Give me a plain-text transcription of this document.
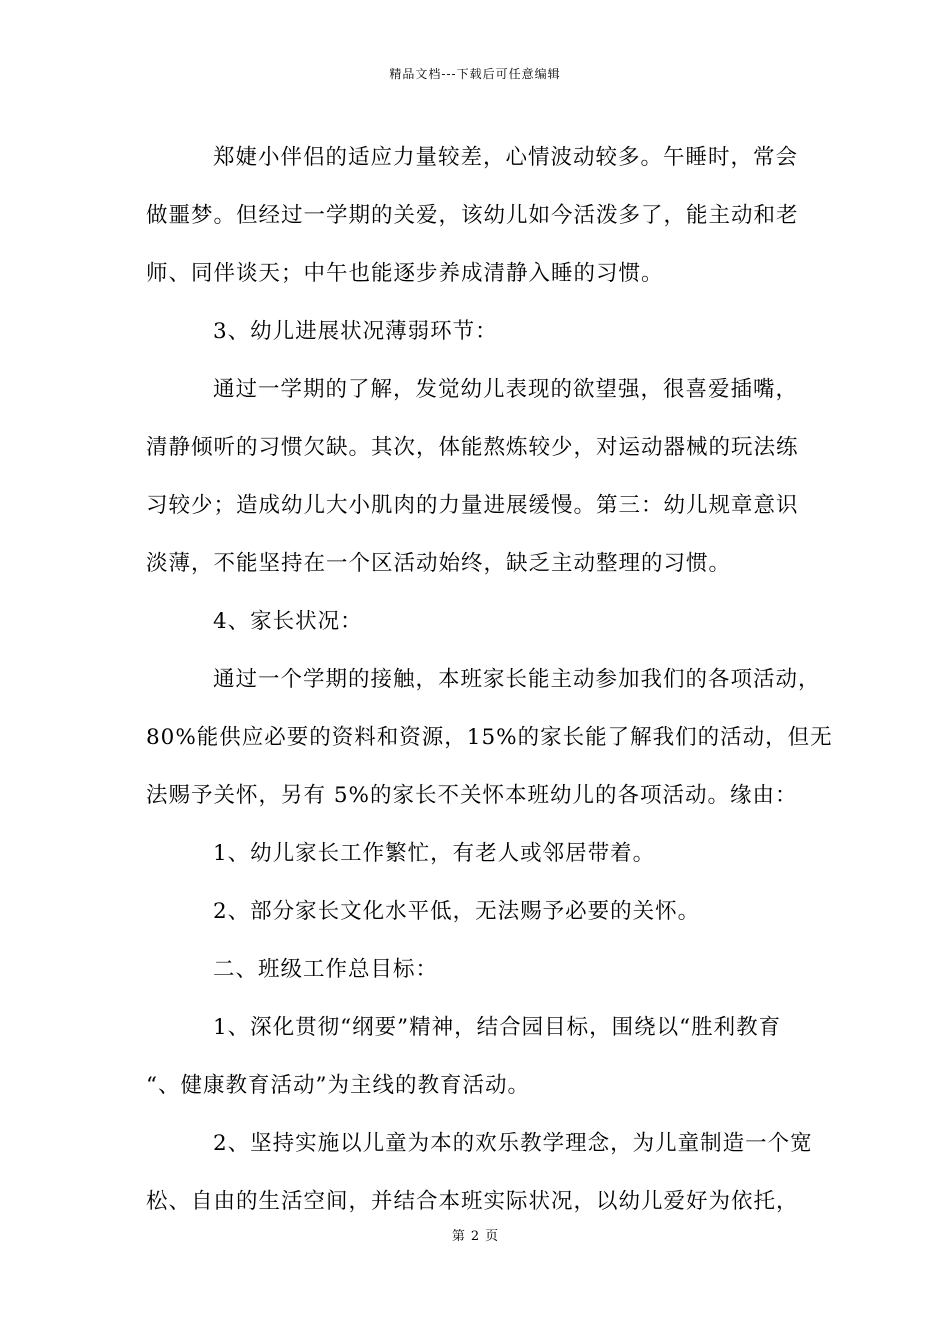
精品文档---下载后可任意编辑
郑婕小伴侣的适应力量较差，心情波动较多。午睡时，常会
做噩梦。但经过一学期的关爱，该幼儿如今活泼多了，能主动和老
师、同伴谈天；中午也能逐步养成清静入睡的习惯。
3、幼儿进展状况薄弱环节：
通过一学期的了解，发觉幼儿表现的欲望强，很喜爱插嘴，
清静倾听的习惯欠缺。其次，体能熬炼较少，对运动器械的玩法练
习较少；造成幼儿大小肌肉的力量进展缓慢。第三：幼儿规章意识
淡薄，不能坚持在一个区活动始终，缺乏主动整理的习惯。
4、家长状况：
通过一个学期的接触，本班家长能主动参加我们的各项活动，
80%能供应必要的资料和资源，15%的家长能了解我们的活动，但无
法赐予关怀，另有 5%的家长不关怀本班幼儿的各项活动。缘由：
1、幼儿家长工作繁忙，有老人或邻居带着。
2、部分家长文化水平低，无法赐予必要的关怀。
二、班级工作总目标：
1、深化贯彻“纲要”精神，结合园目标，围绕以“胜利教育
“、健康教育活动”为主线的教育活动。
2、坚持实施以儿童为本的欢乐教学理念，为儿童制造一个宽
松、自由的生活空间，并结合本班实际状况，以幼儿爱好为依托，
第 2 页
